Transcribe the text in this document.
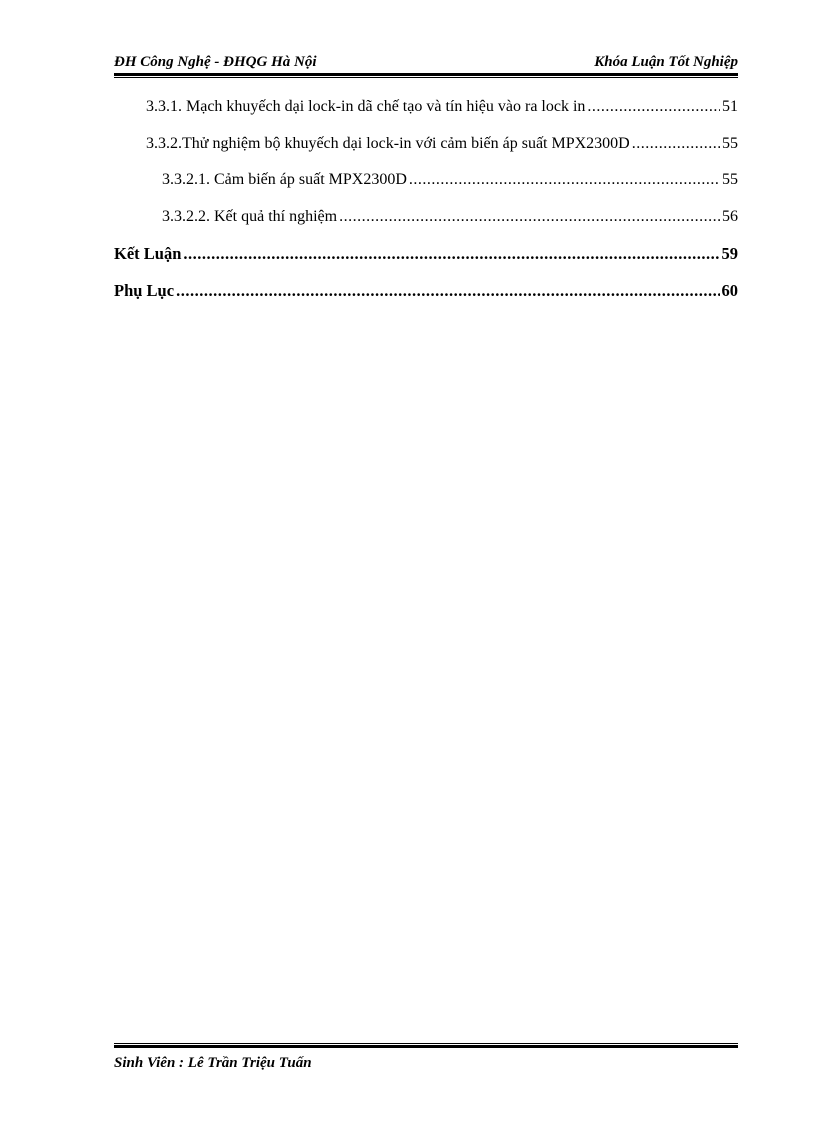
ĐH Công Nghệ - ĐHQG Hà Nội	Khóa Luận Tốt Nghiệp
3.3.1. Mạch khuyếch dại lock-in dã chế tạo và tín hiệu vào ra lock in .....	51
3.3.2.Thử nghiệm bộ khuyếch dại lock-in với cảm biến áp suất MPX2300D .....	55
3.3.2.1. Cảm biến áp suất MPX2300D .....	55
3.3.2.2. Kết quả thí nghiệm .....	56
Kết Luận .....	59
Phụ Lục .....	60
Sinh Viên : Lê Trần Triệu Tuấn
